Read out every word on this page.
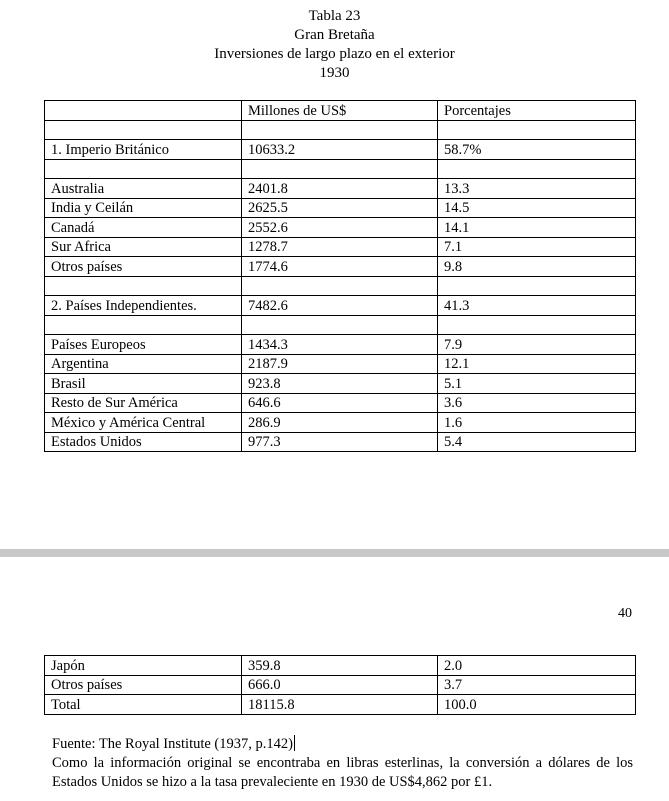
Tabla 23
Gran Bretaña
Inversiones de largo plazo en el exterior
1930
	Millones de US$	Porcentajes

1. Imperio Británico	10633.2	58.7%

Australia	2401.8	13.3
India y Ceilán	2625.5	14.5
Canadá	2552.6	14.1
Sur Africa	1278.7	7.1
Otros países	1774.6	9.8

2. Países Independientes.	7482.6	41.3

Países Europeos	1434.3	7.9
Argentina	2187.9	12.1
Brasil	923.8	5.1
Resto de Sur América	646.6	3.6
México y América Central	286.9	1.6
Estados Unidos	977.3	5.4
40
Japón	359.8	2.0
Otros países	666.0	3.7
Total	18115.8	100.0
Fuente: The Royal Institute (1937, p.142)
Como la información original se encontraba en libras esterlinas, la conversión a dólares de los Estados Unidos se hizo a la tasa prevaleciente en 1930 de US$4,862 por £1.
